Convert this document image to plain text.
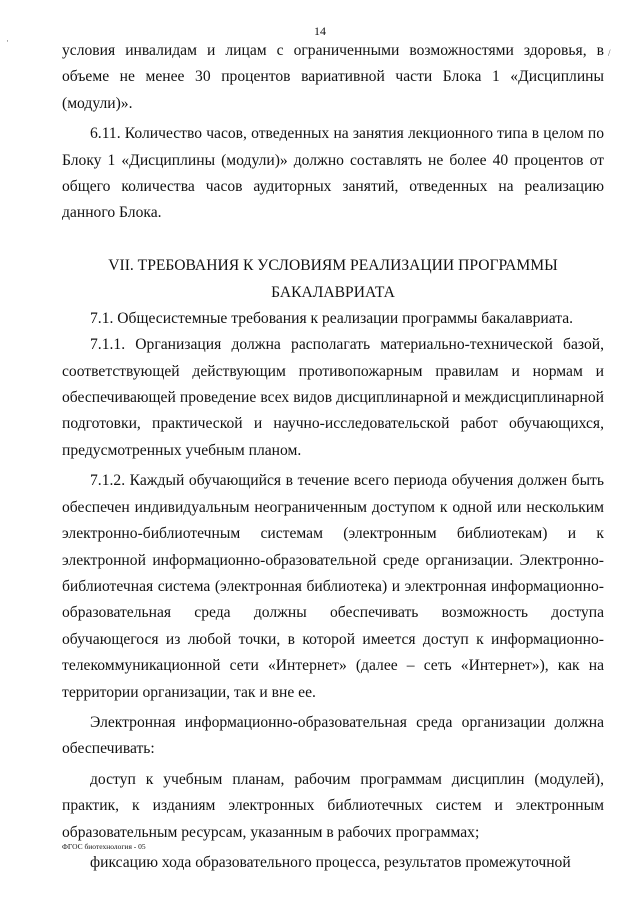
·
/
14

условия инвалидам и лицам с ограниченными возможностями здоровья, в объеме не менее 30 процентов вариативной части Блока 1 «Дисциплины (модули)».

6.11. Количество часов, отведенных на занятия лекционного типа в целом по Блоку 1 «Дисциплины (модули)» должно составлять не более 40 процентов от общего количества часов аудиторных занятий, отведенных на реализацию данного Блока.

VII. ТРЕБОВАНИЯ К УСЛОВИЯМ РЕАЛИЗАЦИИ ПРОГРАММЫ
БАКАЛАВРИАТА

7.1. Общесистемные требования к реализации программы бакалавриата.

7.1.1. Организация должна располагать материально-технической базой, соответствующей действующим противопожарным правилам и нормам и обеспечивающей проведение всех видов дисциплинарной и междисциплинарной подготовки, практической и научно-исследовательской работ обучающихся, предусмотренных учебным планом.

7.1.2. Каждый обучающийся в течение всего периода обучения должен быть обеспечен индивидуальным неограниченным доступом к одной или нескольким электронно-библиотечным системам (электронным библиотекам) и к электронной информационно-образовательной среде организации. Электронно-библиотечная система (электронная библиотека) и электронная информационно-образовательная среда должны обеспечивать возможность доступа обучающегося из любой точки, в которой имеется доступ к информационно-телекоммуникационной сети «Интернет» (далее – сеть «Интернет»), как на территории организации, так и вне ее.

Электронная информационно-образовательная среда организации должна обеспечивать:

доступ к учебным планам, рабочим программам дисциплин (модулей), практик, к изданиям электронных библиотечных систем и электронным образовательным ресурсам, указанным в рабочих программах;

фиксацию хода образовательного процесса, результатов промежуточной

ФГОС биотехнология - 05
